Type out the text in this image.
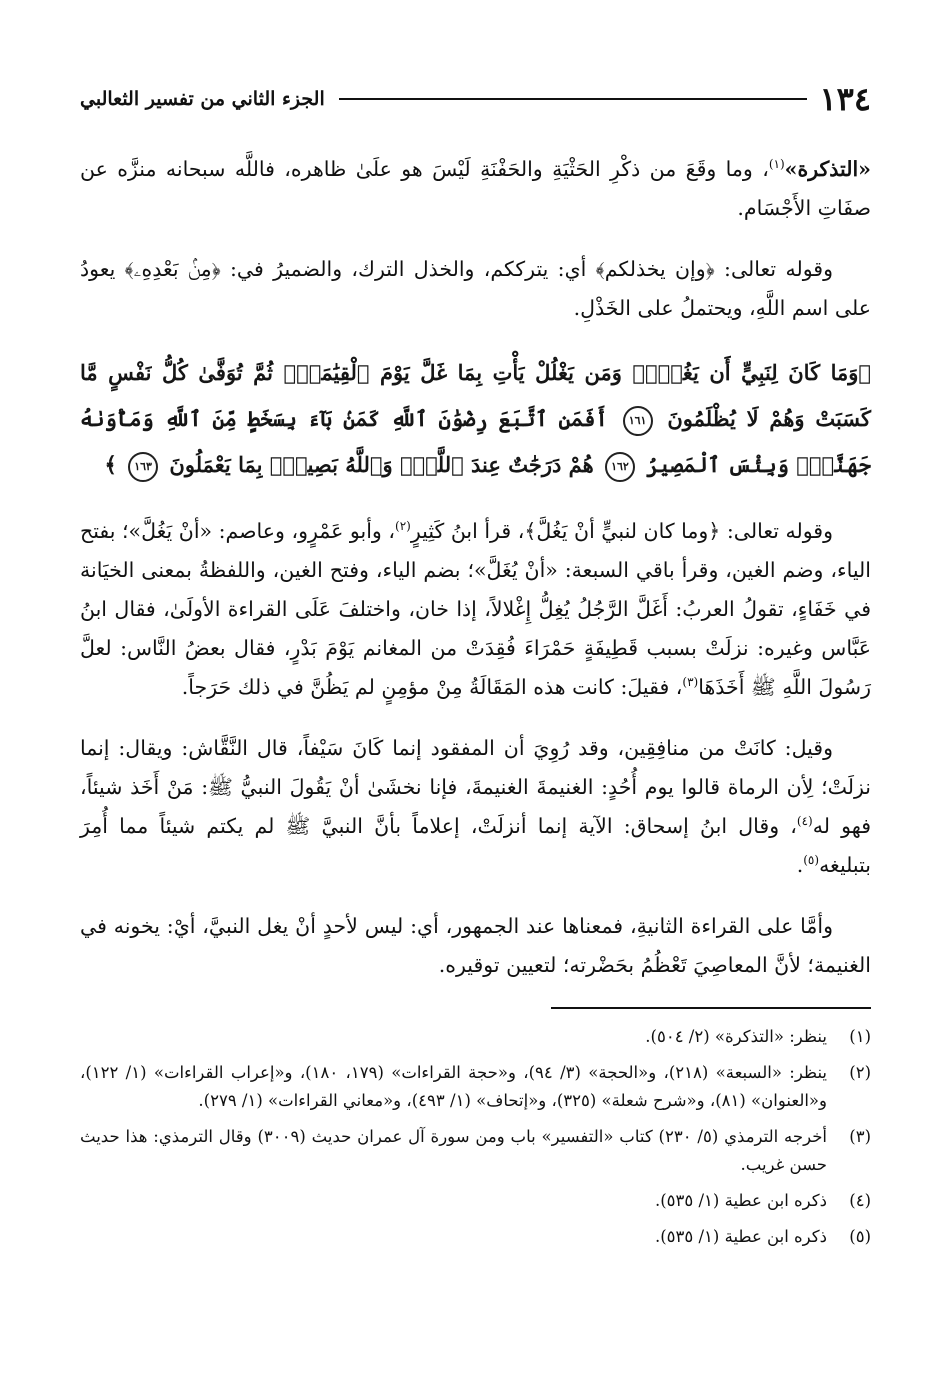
١٣٤
الجزء الثاني من تفسير الثعالبي

«التذكرة»$^{(١)}$، وما وقَعَ من ذكْرِ الحَثْيَةِ والحَفْنَةِ لَيْسَ هو علَىٰ ظاهره، فاللَّه سبحانه منزَّه عن صفَاتِ الأَجْسَام.

وقوله تعالى: ﴿وإن يخذلكم﴾ أي: يترككم، والخذل الترك، والضميرُ في: ﴿مِنۢ بَعْدِهِۦ﴾ يعودُ على اسم اللَّهِ، ويحتملُ على الخَذْلِ.

﴿وَمَا كَانَ لِنَبِيٍّ أَن يَغُلَّۚ وَمَن يَغْلُلْ يَأْتِ بِمَا غَلَّ يَوْمَ ٱلْقِيَٰمَةِۚ ثُمَّ تُوَفَّىٰ كُلُّ نَفْسٍ مَّا كَسَبَتْ وَهُمْ لَا يُظْلَمُونَ ١٦١ أَفَمَنِ ٱتَّبَعَ رِضْوَٰنَ ٱللَّهِ كَمَنۢ بَآءَ بِسَخَطٍ مِّنَ ٱللَّهِ وَمَأْوَىٰهُ جَهَنَّمُۚ وَبِئْسَ ٱلْمَصِيرُ ١٦٢ هُمْ دَرَجَٰتٌ عِندَ ٱللَّهِۗ وَٱللَّهُ بَصِيرٌۢ بِمَا يَعْمَلُونَ ١٦٣ ﴾

وقوله تعالى: ﴿وما كان لنبيٍّ أنْ يَغُلَّ﴾، قرأ ابنُ كَثِيرٍ$^{(٢)}$، وأبو عَمْرٍو، وعاصم: «أنْ يَغُلَّ»؛ بفتح الياء، وضم الغين، وقرأ باقي السبعة: «أنْ يُغَلَّ»؛ بضم الياء، وفتح الغين، واللفظةُ بمعنى الخيَانة في خَفَاءٍ، تقولُ العربُ: أَغَلَّ الرَّجُلُ يُغِلُّ إِغْلالاً، إذا خان، واختلفَ عَلَى القراءة الأولَىٰ، فقال ابنُ عَبَّاس وغيره: نزلَتْ بسبب قَطِيفَةٍ حَمْرَاءَ فُقِدَتْ من المغانم يَوْمَ بَدْرٍ، فقال بعضُ النَّاس: لعلَّ رَسُولَ اللَّهِ ﷺ أَخَذَهَا$^{(٣)}$، فقيلَ: كانت هذه المَقَالَةُ مِنْ مؤمِنٍ لم يَظُنَّ في ذلك حَرَجاً.

وقيل: كانَتْ من منافِقِين، وقد رُوِيَ أن المفقود إنما كَانَ سَيْفاً، قال النَّقَّاش: ويقال: إنما نزلَتْ؛ لِأن الرماة قالوا يوم أُحُدٍ: الغنيمةَ الغنيمةَ، فإنا نخشَىٰ أنْ يَقُولَ النبيُّ ﷺ: مَنْ أَخَذ شيئاً، فهو له$^{(٤)}$، وقال ابنُ إسحاق: الآية إنما أنزلَتْ، إعلاماً بأنَّ النبيَّ ﷺ لم يكتم شيئاً مما أُمِرَ بتبليغه$^{(٥)}$.

وأمَّا على القراءة الثانيةِ، فمعناها عند الجمهور، أي: ليس لأحدٍ أنْ يغل النبيَّ، أيْ: يخونه في الغنيمة؛ لأنَّ المعاصِيَ تَعْظُمُ بحَضْرته؛ لتعيين توقيره.

(١)
ينظر: «التذكرة» (٢/ ٥٠٤).
(٢)
ينظر: «السبعة» (٢١٨)، و«الحجة» (٣/ ٩٤)، و«حجة القراءات» (١٧٩، ١٨٠)، و«إعراب القراءات» (١/ ١٢٢)، و«العنوان» (٨١)، و«شرح شعلة» (٣٢٥)، و«إتحاف» (١/ ٤٩٣)، و«معاني القراءات» (١/ ٢٧٩).
(٣)
أخرجه الترمذي (٥/ ٢٣٠) كتاب «التفسير» باب ومن سورة آل عمران حديث (٣٠٠٩) وقال الترمذي: هذا حديث حسن غريب.
(٤)
ذكره ابن عطية (١/ ٥٣٥).
(٥)
ذكره ابن عطية (١/ ٥٣٥).
